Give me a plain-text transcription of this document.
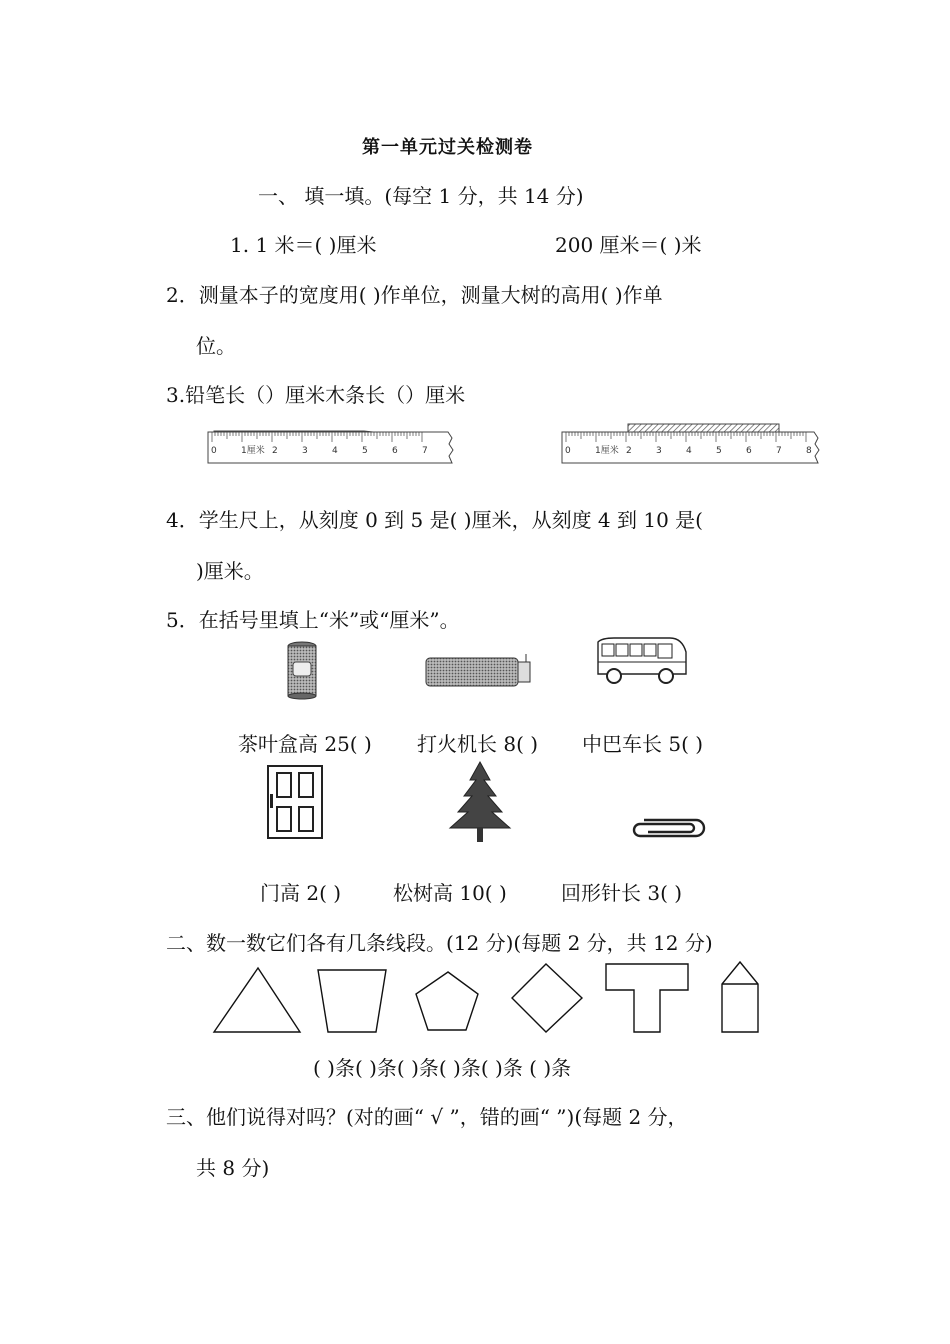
第一单元过关检测卷
一、 填一填。(每空 1 分，共 14 分)
1. 1 米＝( )厘米	200 厘米＝( )米
2．测量本子的宽度用( )作单位，测量大树的高用( )作单
位。
3.铅笔长（）厘米木条长（）厘米
0	1厘米 2	3	4	5	6	7	0	1厘米 2	3	4	5	6	7	8
4．学生尺上，从刻度 0 到 5 是( )厘米，从刻度 4 到 10 是(
)厘米。
5．在括号里填上“米”或“厘米”。
茶叶盒高 25( ) 打火机长 8( ) 中巴车长 5( )
门高 2( )	松树高 10( )	回形针长 3( )
二、数一数它们各有几条线段。(12 分)(每题 2 分，共 12 分)
( )条( )条( )条( )条( )条 ( )条
三、他们说得对吗？(对的画“ √ ”，错的画“ ”)(每题 2 分，
共 8 分)
